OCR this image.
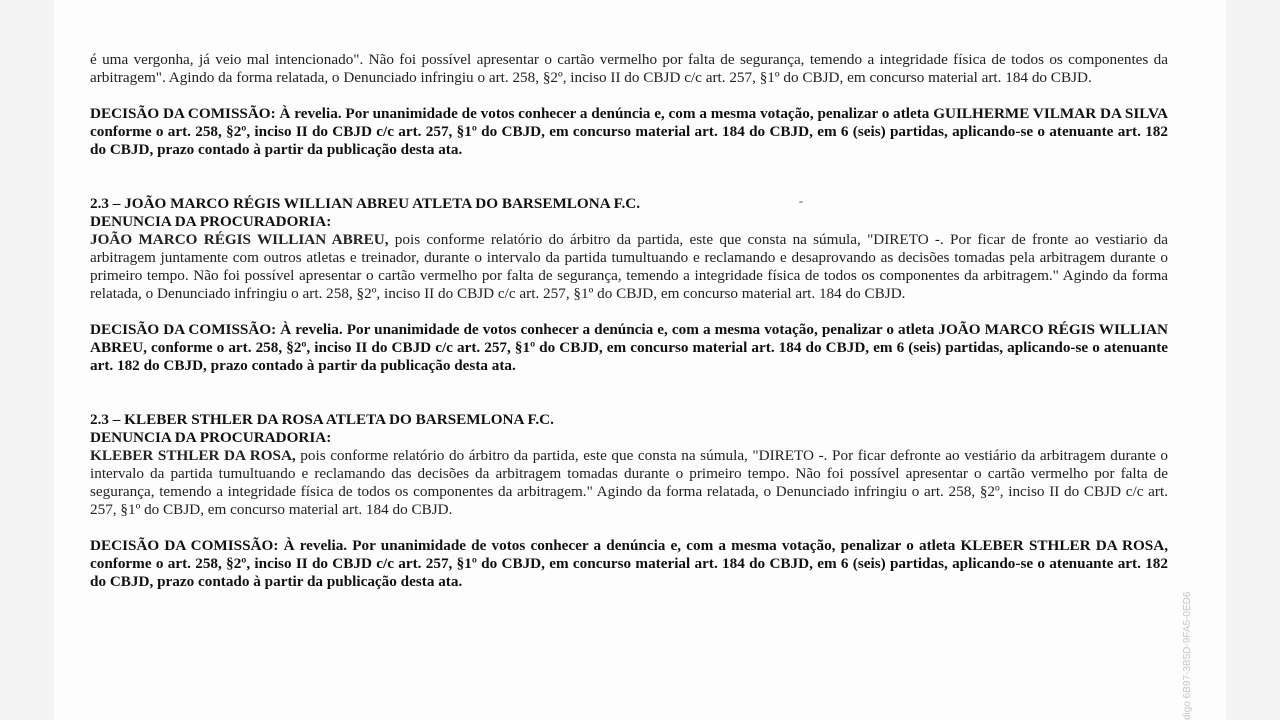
é uma vergonha, já veio mal intencionado". Não foi possível apresentar o cartão vermelho por falta de segurança, temendo a integridade física de todos os componentes da arbitragem". Agindo da forma relatada, o Denunciado infringiu o art. 258, §2º, inciso II do CBJD c/c art. 257, §1º do CBJD, em concurso material art. 184 do CBJD.

DECISÃO DA COMISSÃO: À revelia. Por unanimidade de votos conhecer a denúncia e, com a mesma votação, penalizar o atleta GUILHERME VILMAR DA SILVA conforme o art. 258, §2º, inciso II do CBJD c/c art. 257, §1º do CBJD, em concurso material art. 184 do CBJD, em 6 (seis) partidas, aplicando-se o atenuante art. 182 do CBJD, prazo contado à partir da publicação desta ata.

2.3 – JOÃO MARCO RÉGIS WILLIAN ABREU ATLETA DO BARSEMLONA F.C.

DENUNCIA DA PROCURADORIA:

JOÃO MARCO RÉGIS WILLIAN ABREU, pois conforme relatório do árbitro da partida, este que consta na súmula, "DIRETO -. Por ficar de fronte ao vestiario da arbitragem juntamente com outros atletas e treinador, durante o intervalo da partida tumultuando e reclamando e desaprovando as decisões tomadas pela arbitragem durante o primeiro tempo. Não foi possível apresentar o cartão vermelho por falta de segurança, temendo a integridade física de todos os componentes da arbitragem." Agindo da forma relatada, o Denunciado infringiu o art. 258, §2º, inciso II do CBJD c/c art. 257, §1º do CBJD, em concurso material art. 184 do CBJD.

DECISÃO DA COMISSÃO: À revelia. Por unanimidade de votos conhecer a denúncia e, com a mesma votação, penalizar o atleta JOÃO MARCO RÉGIS WILLIAN ABREU, conforme o art. 258, §2º, inciso II do CBJD c/c art. 257, §1º do CBJD, em concurso material art. 184 do CBJD, em 6 (seis) partidas, aplicando-se o atenuante art. 182 do CBJD, prazo contado à partir da publicação desta ata.

2.3 – KLEBER STHLER DA ROSA ATLETA DO BARSEMLONA F.C.

DENUNCIA DA PROCURADORIA:

KLEBER STHLER DA ROSA, pois conforme relatório do árbitro da partida, este que consta na súmula, "DIRETO -. Por ficar defronte ao vestiário da arbitragem durante o intervalo da partida tumultuando e reclamando das decisões da arbitragem tomadas durante o primeiro tempo. Não foi possível apresentar o cartão vermelho por falta de segurança, temendo a integridade física de todos os componentes da arbitragem." Agindo da forma relatada, o Denunciado infringiu o art. 258, §2º, inciso II do CBJD c/c art. 257, §1º do CBJD, em concurso material art. 184 do CBJD.

DECISÃO DA COMISSÃO: À revelia. Por unanimidade de votos conhecer a denúncia e, com a mesma votação, penalizar o atleta KLEBER STHLER DA ROSA, conforme o art. 258, §2º, inciso II do CBJD c/c art. 257, §1º do CBJD, em concurso material art. 184 do CBJD, em 6 (seis) partidas, aplicando-se o atenuante art. 182 do CBJD, prazo contado à partir da publicação desta ata.

digo 6B97-3B5D-9FA5-0ED6
